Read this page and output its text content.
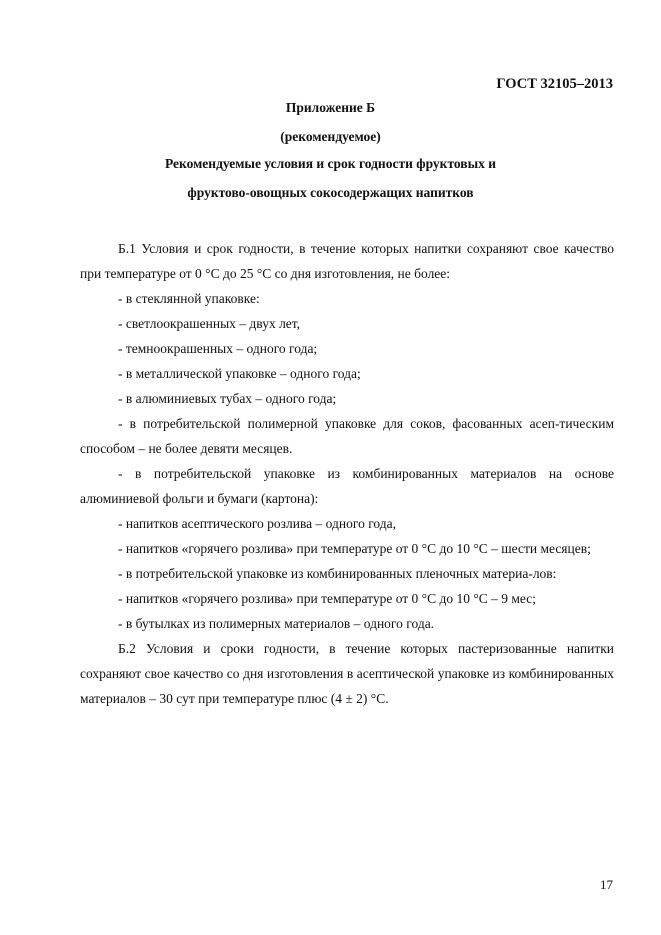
ГОСТ 32105–2013
Приложение Б
(рекомендуемое)
Рекомендуемые условия и срок годности фруктовых и
фруктово-овощных сокосодержащих напитков

Б.1 Условия и срок годности, в течение которых напитки сохраняют свое качество при температуре от 0 °С до 25 °С со дня изготовления, не более:

- в стеклянной упаковке:

- светлоокрашенных – двух лет,

- темноокрашенных – одного года;

- в металлической упаковке – одного года;

- в алюминиевых тубах – одного года;

- в потребительской полимерной упаковке для соков, фасованных асеп-тическим способом – не более девяти месяцев.

- в потребительской упаковке из комбинированных материалов на основе алюминиевой фольги и бумаги (картона):

- напитков асептического розлива – одного года,

- напитков «горячего розлива» при температуре от 0 °С до 10 °С – шести месяцев;

- в потребительской упаковке из комбинированных пленочных материа-лов:

- напитков «горячего розлива» при температуре от 0 °С до 10 °С – 9 мес;

- в бутылках из полимерных материалов – одного года.

Б.2 Условия и сроки годности, в течение которых пастеризованные напитки сохраняют свое качество со дня изготовления в асептической упаковке из комбинированных материалов – 30 сут при температуре плюс (4 ± 2) °С.

17
